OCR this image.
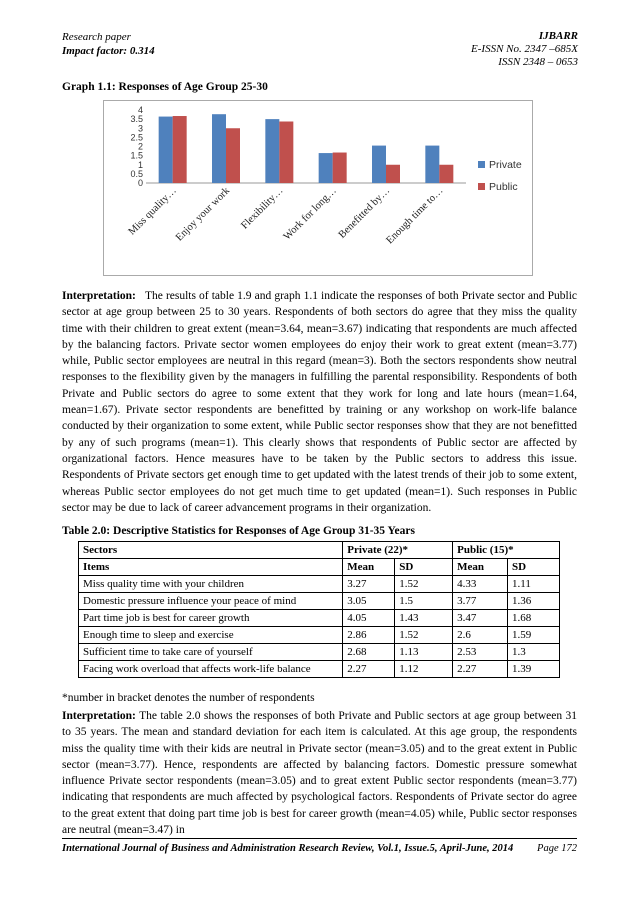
Research paper
Impact factor: 0.314
IJBARR
E-ISSN No. 2347 –685X
ISSN 2348 – 0653
Graph 1.1: Responses of Age Group 25-30
0
0.5
1
1.5
2
2.5
3
3.5
4
Miss quality…
Enjoy your work Flexibility…
Work for long…
Benefitted by…
Enough time to…
Private
Public
Interpretation: The results of table 1.9 and graph 1.1 indicate the responses of both Private sector and Public sector at age group between 25 to 30 years. Respondents of both sectors do agree that they miss the quality time with their children to great extent (mean=3.64, mean=3.67) indicating that respondents are much affected by the balancing factors. Private sector women employees do enjoy their work to great extent (mean=3.77) while, Public sector employees are neutral in this regard (mean=3). Both the sectors respondents show neutral responses to the flexibility given by the managers in fulfilling the parental responsibility. Respondents of both Private and Public sectors do agree to some extent that they work for long and late hours (mean=1.64, mean=1.67). Private sector respondents are benefitted by training or any workshop on work-life balance conducted by their organization to some extent, while Public sector responses show that they are not benefitted by any of such programs (mean=1). This clearly shows that respondents of Public sector are affected by organizational factors. Hence measures have to be taken by the Public sectors to address this issue. Respondents of Private sectors get enough time to get updated with the latest trends of their job to some extent, whereas Public sector employees do not get much time to get updated (mean=1). Such responses in Public sector may be due to lack of career advancement programs in their organization.
Table 2.0: Descriptive Statistics for Responses of Age Group 31-35 Years
Sectors	Private (22)*		Public (15)*	
Items	Mean	SD	Mean	SD
Miss quality time with your children	3.27	1.52	4.33	1.11
Domestic pressure influence your peace of mind	3.05	1.5	3.77	1.36
Part time job is best for career growth	4.05	1.43	3.47	1.68
Enough time to sleep and exercise	2.86	1.52	2.6	1.59
Sufficient time to take care of yourself	2.68	1.13	2.53	1.3
Facing work overload that affects work-life balance	2.27	1.12	2.27	1.39
*number in bracket denotes the number of respondents
Interpretation: The table 2.0 shows the responses of both Private and Public sectors at age group between 31 to 35 years. The mean and standard deviation for each item is calculated. At this age group, the respondents miss the quality time with their kids are neutral in Private sector (mean=3.05) and to the great extent in Public sector (mean=3.77). Hence, respondents are affected by balancing factors. Domestic pressure somewhat influence Private sector respondents (mean=3.05) and to great extent Public sector respondents (mean=3.77) indicating that respondents are much affected by psychological factors. Respondents of Private sector do agree to the great extent that doing part time job is best for career growth (mean=4.05) while, Public sector responses are neutral (mean=3.47) in
International Journal of Business and Administration Research Review, Vol.1, Issue.5, April-June, 2014 Page 172
